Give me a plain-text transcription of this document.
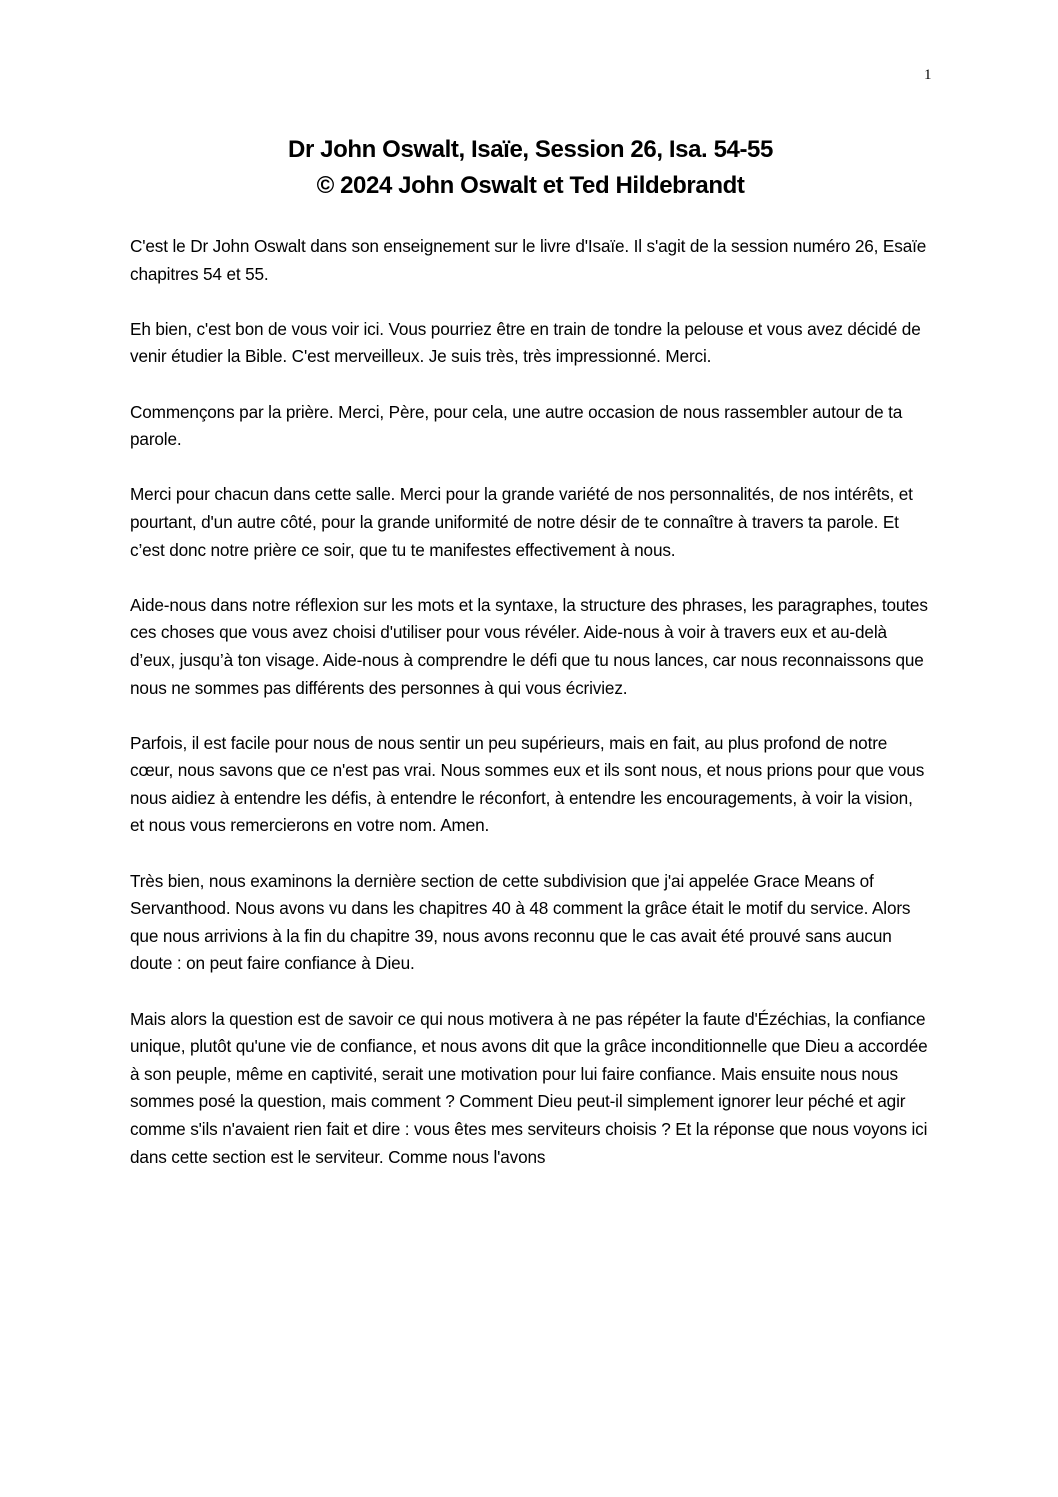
1
Dr John Oswalt, Isaïe, Session 26, Isa. 54-55
© 2024 John Oswalt et Ted Hildebrandt

C'est le Dr John Oswalt dans son enseignement sur le livre d'Isaïe. Il s'agit de la session numéro 26, Esaïe chapitres 54 et 55.

Eh bien, c'est bon de vous voir ici. Vous pourriez être en train de tondre la pelouse et vous avez décidé de venir étudier la Bible. C'est merveilleux. Je suis très, très impressionné. Merci.

Commençons par la prière. Merci, Père, pour cela, une autre occasion de nous rassembler autour de ta parole.

Merci pour chacun dans cette salle. Merci pour la grande variété de nos personnalités, de nos intérêts, et pourtant, d'un autre côté, pour la grande uniformité de notre désir de te connaître à travers ta parole. Et c’est donc notre prière ce soir, que tu te manifestes effectivement à nous.

Aide-nous dans notre réflexion sur les mots et la syntaxe, la structure des phrases, les paragraphes, toutes ces choses que vous avez choisi d'utiliser pour vous révéler. Aide-nous à voir à travers eux et au-delà d’eux, jusqu’à ton visage. Aide-nous à comprendre le défi que tu nous lances, car nous reconnaissons que nous ne sommes pas différents des personnes à qui vous écriviez.

Parfois, il est facile pour nous de nous sentir un peu supérieurs, mais en fait, au plus profond de notre cœur, nous savons que ce n'est pas vrai. Nous sommes eux et ils sont nous, et nous prions pour que vous nous aidiez à entendre les défis, à entendre le réconfort, à entendre les encouragements, à voir la vision, et nous vous remercierons en votre nom. Amen.

Très bien, nous examinons la dernière section de cette subdivision que j'ai appelée Grace Means of Servanthood. Nous avons vu dans les chapitres 40 à 48 comment la grâce était le motif du service. Alors que nous arrivions à la fin du chapitre 39, nous avons reconnu que le cas avait été prouvé sans aucun doute : on peut faire confiance à Dieu.

Mais alors la question est de savoir ce qui nous motivera à ne pas répéter la faute d'Ézéchias, la confiance unique, plutôt qu'une vie de confiance, et nous avons dit que la grâce inconditionnelle que Dieu a accordée à son peuple, même en captivité, serait une motivation pour lui faire confiance. Mais ensuite nous nous sommes posé la question, mais comment ? Comment Dieu peut-il simplement ignorer leur péché et agir comme s'ils n'avaient rien fait et dire : vous êtes mes serviteurs choisis ? Et la réponse que nous voyons ici dans cette section est le serviteur. Comme nous l'avons
